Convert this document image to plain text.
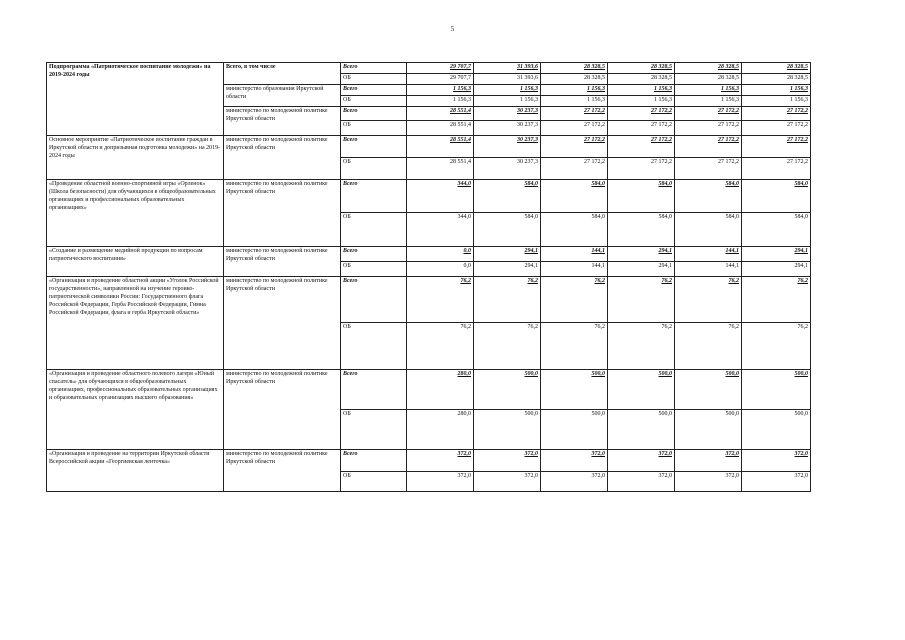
5
Подпрограмма «Патриотическое воспитание молодежи» на 2019-2024 годы	Всего, в том числе	Всего	29 707,7	31 393,6	28 328,5	28 328,5	28 328,5	28 328,5
		ОБ	29 707,7	31 393,6	28 328,5	28 328,5	28 328,5	28 328,5
	министерство образования Иркутской области	Всего	1 156,3	1 156,3	1 156,3	1 156,3	1 156,3	1 156,3
		ОБ	1 156,3	1 156,3	1 156,3	1 156,3	1 156,3	1 156,3
	министерство по молодежной политике Иркутской области	Всего	28 551,4	30 237,3	27 172,2	27 172,2	27 172,2	27 172,2
		ОБ	28 551,4	30 237,3	27 172,2	27 172,2	27 172,2	27 172,2
Основное мероприятие «Патриотическое воспитание граждан в Иркутской области и допризывная подготовка молодежи» на 2019-2024 годы	министерство по молодежной политике Иркутской области	Всего	28 551,4	30 237,3	27 172,2	27 172,2	27 172,2	27 172,2
		ОБ	28 551,4	30 237,3	27 172,2	27 172,2	27 172,2	27 172,2
«Проведение областной военно-спортивной игры «Орленок» (Школа безопасности) для обучающихся в общеобразовательных организациях и профессиональных образовательных организациях»	министерство по молодежной политике Иркутской области	Всего	344,0	584,0	584,0	584,0	584,0	584,0
		ОБ	344,0	584,0	584,0	584,0	584,0	584,0
«Создание и размещение медийной продукции по вопросам патриотического воспитания»	министерство по молодежной политике Иркутской области	Всего	0,0	294,1	144,1	294,1	144,1	294,1
		ОБ	0,0	294,1	144,1	294,1	144,1	294,1
«Организация и проведение областной акции «Уголок Российской государственности», направленной на изучение героико-патриотической символики России: Государственного флага Российской Федерации, Герба Российской Федерации, Гимна Российской Федерации, флага и герба Иркутской области»	министерство по молодежной политике Иркутской области	Всего	76,2	76,2	76,2	76,2	76,2	76,2
		ОБ	76,2	76,2	76,2	76,2	76,2	76,2
«Организация и проведение областного полевого лагеря «Юный спасатель» для обучающихся в общеобразовательных организациях, профессиональных образовательных организациях и образовательных организациях высшего образования»	министерство по молодежной политике Иркутской области	Всего	280,0	500,0	500,0	500,0	500,0	500,0
		ОБ	280,0	500,0	500,0	500,0	500,0	500,0
«Организация и проведение на территории Иркутской области Всероссийской акции «Георгиевская ленточка»	министерство по молодежной политике Иркутской области	Всего	372,0	372,0	372,0	372,0	372,0	372,0
		ОБ	372,0	372,0	372,0	372,0	372,0	372,0
